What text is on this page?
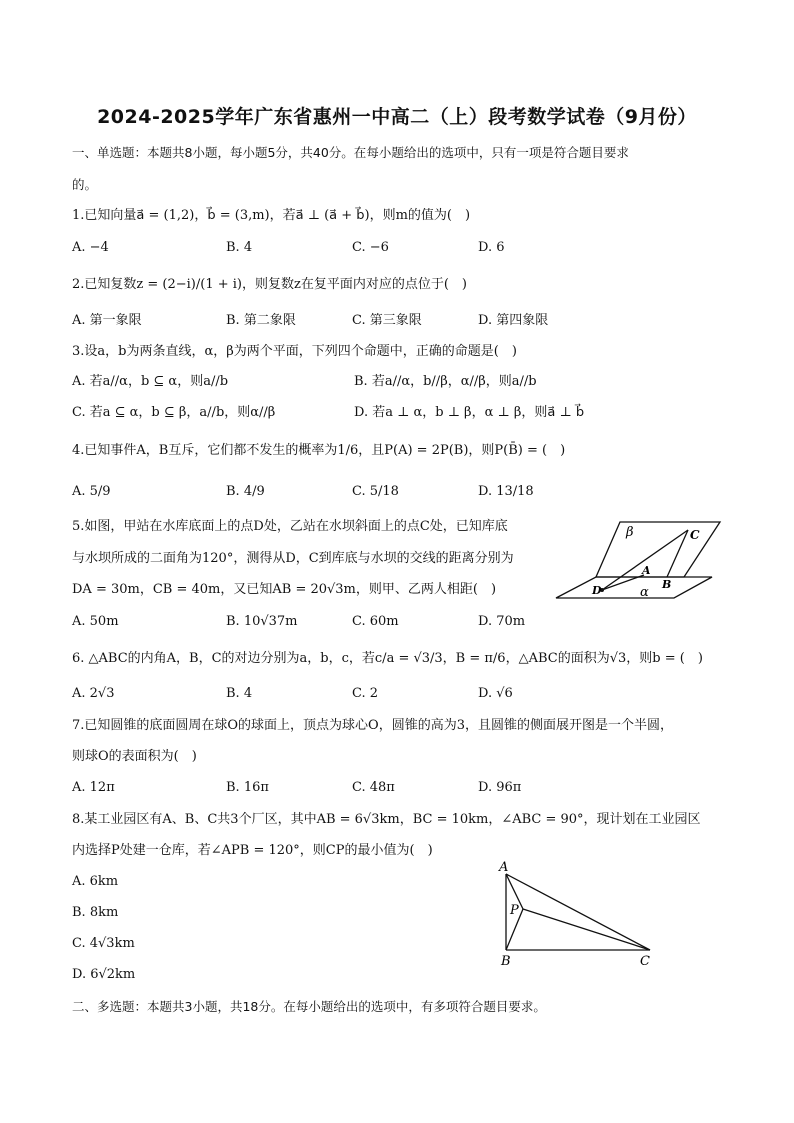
2024-2025学年广东省惠州一中高二（上）段考数学试卷（9月份）
一、单选题：本题共8小题，每小题5分，共40分。在每小题给出的选项中，只有一项是符合题目要求
的。
1.已知向量a⃗ = (1,2)，b⃗ = (3,m)，若a⃗ ⊥ (a⃗ + b⃗)，则m的值为(　)
A. −4	B. 4	C. −6	D. 6
2.已知复数z = (2−i)/(1 + i)，则复数z在复平面内对应的点位于(　)
A. 第一象限	B. 第二象限	C. 第三象限	D. 第四象限
3.设a，b为两条直线，α，β为两个平面，下列四个命题中，正确的命题是(　)
A. 若a//α，b ⊆ α，则a//b	B. 若a//α，b//β，α//β，则a//b
C. 若a ⊆ α，b ⊆ β，a//b，则α//β	D. 若a ⊥ α，b ⊥ β，α ⊥ β，则a⃗ ⊥ b⃗
4.已知事件A，B互斥，它们都不发生的概率为1/6，且P(A) = 2P(B)，则P(B̄) = (　)
A. 5/9	B. 4/9	C. 5/18	D. 13/18
5.如图，甲站在水库底面上的点D处，乙站在水坝斜面上的点C处，已知库底
与水坝所成的二面角为120°，测得从D，C到库底与水坝的交线的距离分别为
DA = 30m，CB = 40m，又已知AB = 20√3m，则甲、乙两人相距(　)
A. 50m	B. 10√37m	C. 60m	D. 70m
β	C
A
D	B
α
6. △ABC的内角A，B，C的对边分别为a，b，c，若c/a = √3/3，B = π/6，△ABC的面积为√3，则b = (　)
A. 2√3	B. 4	C. 2	D. √6
7.已知圆锥的底面圆周在球O的球面上，顶点为球心O，圆锥的高为3，且圆锥的侧面展开图是一个半圆，
则球O的表面积为(　)
A. 12π	B. 16π	C. 48π	D. 96π
8.某工业园区有A、B、C共3个厂区，其中AB = 6√3km，BC = 10km，∠ABC = 90°，现计划在工业园区
内选择P处建一仓库，若∠APB = 120°，则CP的最小值为(　)
A. 6km
B. 8km
C. 4√3km
D. 6√2km
A
P
B	C
二、多选题：本题共3小题，共18分。在每小题给出的选项中，有多项符合题目要求。
